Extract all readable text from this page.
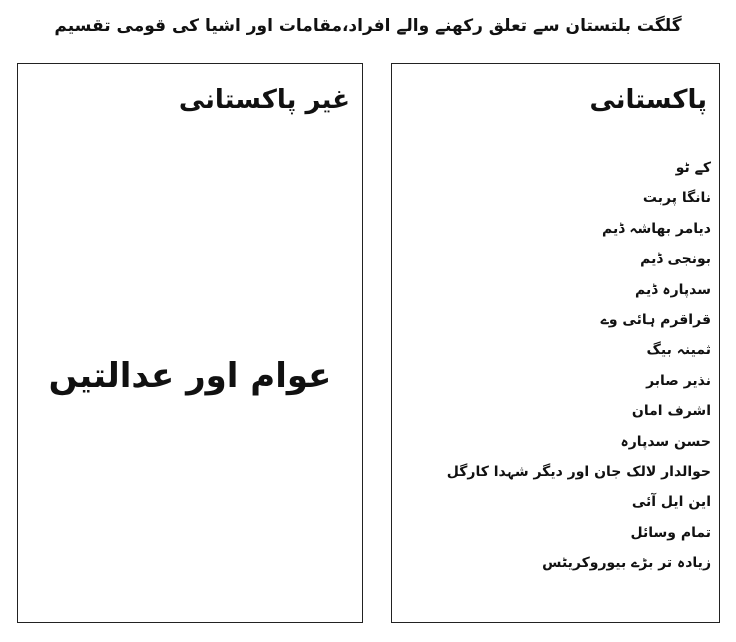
گلگت بلتستان سے تعلق رکھنے والے افراد،مقامات اور اشیا کی قومی تقسیم
غیر پاکستانی
عوام اور عدالتیں
پاکستانی
کے ٹو
نانگا پربت
دیامر بھاشہ ڈیم
بونجی ڈیم
سدپارہ ڈیم
قراقرم ہائی وے
ثمینہ بیگ
نذیر صابر
اشرف امان
حسن سدپارہ
حوالدار لالک جان اور دیگر شہدا کارگل
این ایل آئی
تمام وسائل
زیادہ تر بڑے بیوروکریٹس
